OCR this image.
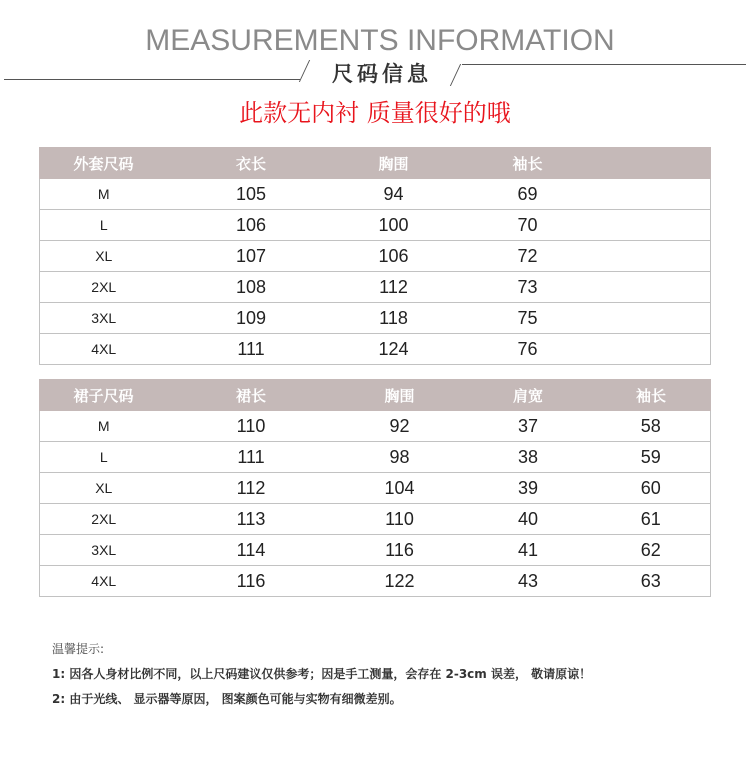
MEASUREMENTS INFORMATION
尺码信息
此款无内衬 质量很好的哦
外套尺码	衣长	胸围	袖长	
M	105	94	69	
L	106	100	70	
XL	107	106	72	
2XL	108	112	73	
3XL	109	118	75	
4XL	111	124	76	
裙子尺码	裙长	胸围	肩宽	袖长
M	110	92	37	58
L	111	98	38	59
XL	112	104	39	60
2XL	113	110	40	61
3XL	114	116	41	62
4XL	116	122	43	63
温馨提示:
1: 因各人身材比例不同，以上尺码建议仅供参考；因是手工测量，会存在 2-3cm 误差， 敬请原谅！
2: 由于光线、 显示器等原因， 图案颜色可能与实物有细微差别。
